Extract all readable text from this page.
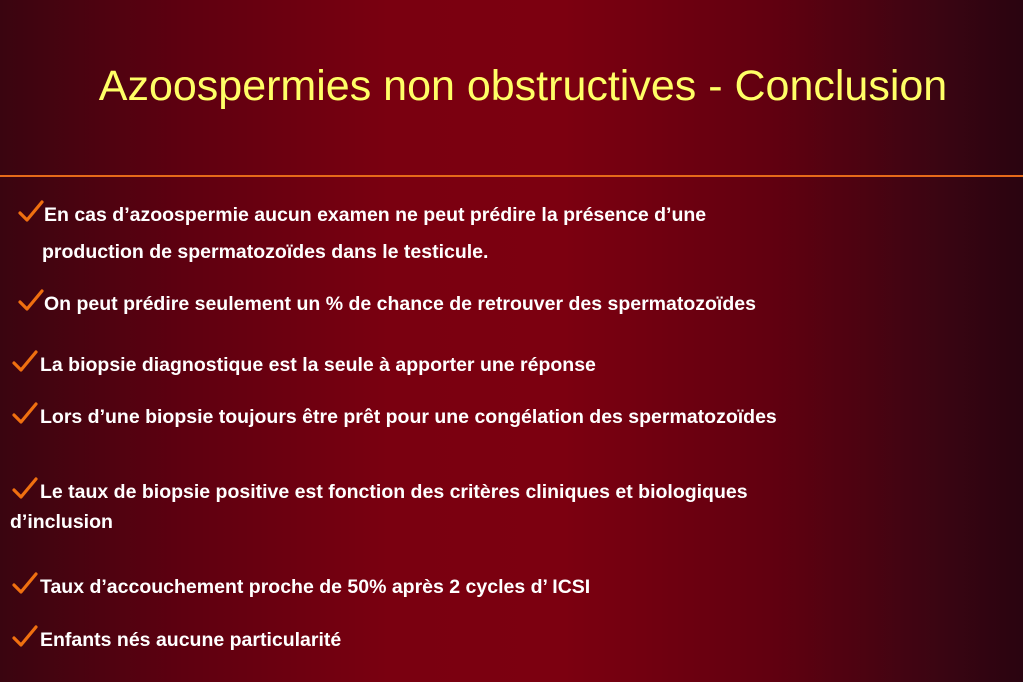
Azoospermies non obstructives - Conclusion
En cas d’azoospermie aucun examen ne peut prédire la présence d’une
production de spermatozoïdes dans le testicule.
On peut prédire seulement un % de chance de retrouver des spermatozoïdes
La biopsie diagnostique est la seule à apporter une réponse
Lors d’une biopsie toujours être prêt pour une congélation des spermatozoïdes
Le taux de biopsie positive est fonction des critères cliniques et biologiques
d’inclusion
Taux d’accouchement proche de 50% après 2 cycles d’ ICSI
Enfants nés aucune particularité
